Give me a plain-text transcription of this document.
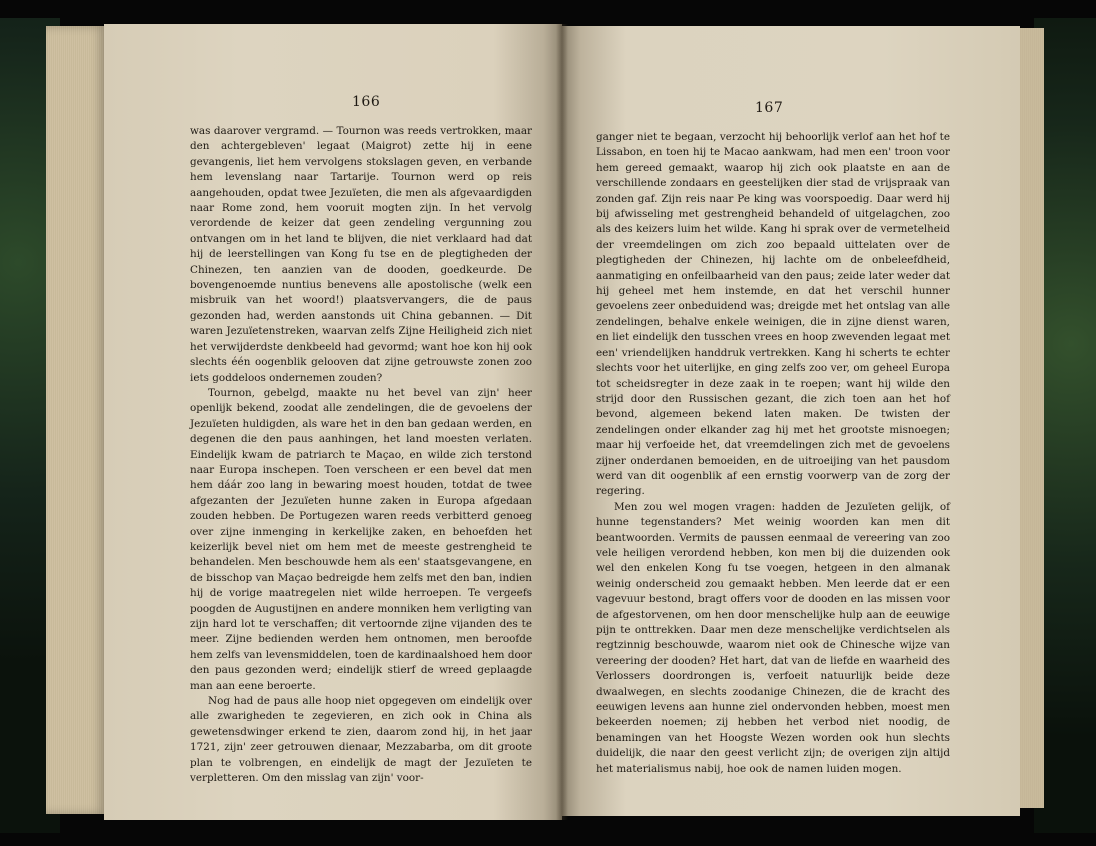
166

was daarover vergramd. — Tournon was reeds vertrokken, maar den achtergebleven' legaat (Maigrot) zette hij in eene gevangenis, liet hem vervolgens stokslagen geven, en verbande hem levenslang naar Tartarije. Tournon werd op reis aangehouden, opdat twee Jezuïeten, die men als afgevaardigden naar Rome zond, hem vooruit mogten zijn. In het vervolg verordende de keizer dat geen zendeling vergunning zou ontvangen om in het land te blijven, die niet verklaard had dat hij de leerstellingen van Kong fu tse en de plegtigheden der Chinezen, ten aanzien van de dooden, goedkeurde. De bovengenoemde nuntius benevens alle apostolische (welk een misbruik van het woord!) plaatsvervangers, die de paus gezonden had, werden aanstonds uit China gebannen. — Dit waren Jezuïetenstreken, waarvan zelfs Zijne Heiligheid zich niet het verwijderdste denkbeeld had gevormd; want hoe kon hij ook slechts één oogenblik gelooven dat zijne getrouwste zonen zoo iets goddeloos ondernemen zouden?

Tournon, gebelgd, maakte nu het bevel van zijn' heer openlijk bekend, zoodat alle zendelingen, die de gevoelens der Jezuïeten huldigden, als ware het in den ban gedaan werden, en degenen die den paus aanhingen, het land moesten verlaten. Eindelijk kwam de patriarch te Maçao, en wilde zich terstond naar Europa inschepen. Toen verscheen er een bevel dat men hem dáár zoo lang in bewaring moest houden, totdat de twee afgezanten der Jezuïeten hunne zaken in Europa afgedaan zouden hebben. De Portugezen waren reeds verbitterd genoeg over zijne inmenging in kerkelijke zaken, en behoefden het keizerlijk bevel niet om hem met de meeste gestrengheid te behandelen. Men beschouwde hem als een' staatsgevangene, en de bisschop van Maçao bedreigde hem zelfs met den ban, indien hij de vorige maatregelen niet wilde herroepen. Te vergeefs poogden de Augustijnen en andere monniken hem verligting van zijn hard lot te verschaffen; dit vertoornde zijne vijanden des te meer. Zijne bedienden werden hem ontnomen, men beroofde hem zelfs van levensmiddelen, toen de kardinaalshoed hem door den paus gezonden werd; eindelijk stierf de wreed geplaagde man aan eene beroerte.

Nog had de paus alle hoop niet opgegeven om eindelijk over alle zwarigheden te zegevieren, en zich ook in China als gewetensdwinger erkend te zien, daarom zond hij, in het jaar 1721, zijn' zeer getrouwen dienaar, Mezzabarba, om dit groote plan te volbrengen, en eindelijk de magt der Jezuïeten te verpletteren. Om den misslag van zijn' voor-

167

ganger niet te begaan, verzocht hij behoorlijk verlof aan het hof te Lissabon, en toen hij te Macao aankwam, had men een' troon voor hem gereed gemaakt, waarop hij zich ook plaatste en aan de verschillende zondaars en geestelijken dier stad de vrijspraak van zonden gaf. Zijn reis naar Pe king was voorspoedig. Daar werd hij bij afwisseling met gestrengheid behandeld of uitgelagchen, zoo als des keizers luim het wilde. Kang hi sprak over de vermetelheid der vreemdelingen om zich zoo bepaald uittelaten over de plegtigheden der Chinezen, hij lachte om de onbeleefdheid, aanmatiging en onfeilbaarheid van den paus; zeide later weder dat hij geheel met hem instemde, en dat het verschil hunner gevoelens zeer onbeduidend was; dreigde met het ontslag van alle zendelingen, behalve enkele weinigen, die in zijne dienst waren, en liet eindelijk den tusschen vrees en hoop zwevenden legaat met een' vriendelijken handdruk vertrekken. Kang hi scherts te echter slechts voor het uiterlijke, en ging zelfs zoo ver, om geheel Europa tot scheidsregter in deze zaak in te roepen; want hij wilde den strijd door den Russischen gezant, die zich toen aan het hof bevond, algemeen bekend laten maken. De twisten der zendelingen onder elkander zag hij met het grootste misnoegen; maar hij verfoeide het, dat vreemdelingen zich met de gevoelens zijner onderdanen bemoeiden, en de uitroeijing van het pausdom werd van dit oogenblik af een ernstig voorwerp van de zorg der regering.

Men zou wel mogen vragen: hadden de Jezuïeten gelijk, of hunne tegenstanders? Met weinig woorden kan men dit beantwoorden. Vermits de paussen eenmaal de vereering van zoo vele heiligen verordend hebben, kon men bij die duizenden ook wel den enkelen Kong fu tse voegen, hetgeen in den almanak weinig onderscheid zou gemaakt hebben. Men leerde dat er een vagevuur bestond, bragt offers voor de dooden en las missen voor de afgestorvenen, om hen door menschelijke hulp aan de eeuwige pijn te onttrekken. Daar men deze menschelijke verdichtselen als regtzinnig beschouwde, waarom niet ook de Chinesche wijze van vereering der dooden? Het hart, dat van de liefde en waarheid des Verlossers doordrongen is, verfoeit natuurlijk beide deze dwaalwegen, en slechts zoodanige Chinezen, die de kracht des eeuwigen levens aan hunne ziel ondervonden hebben, moest men bekeerden noemen; zij hebben het verbod niet noodig, de benamingen van het Hoogste Wezen worden ook hun slechts duidelijk, die naar den geest verlicht zijn; de overigen zijn altijd het materialismus nabij, hoe ook de namen luiden mogen.
